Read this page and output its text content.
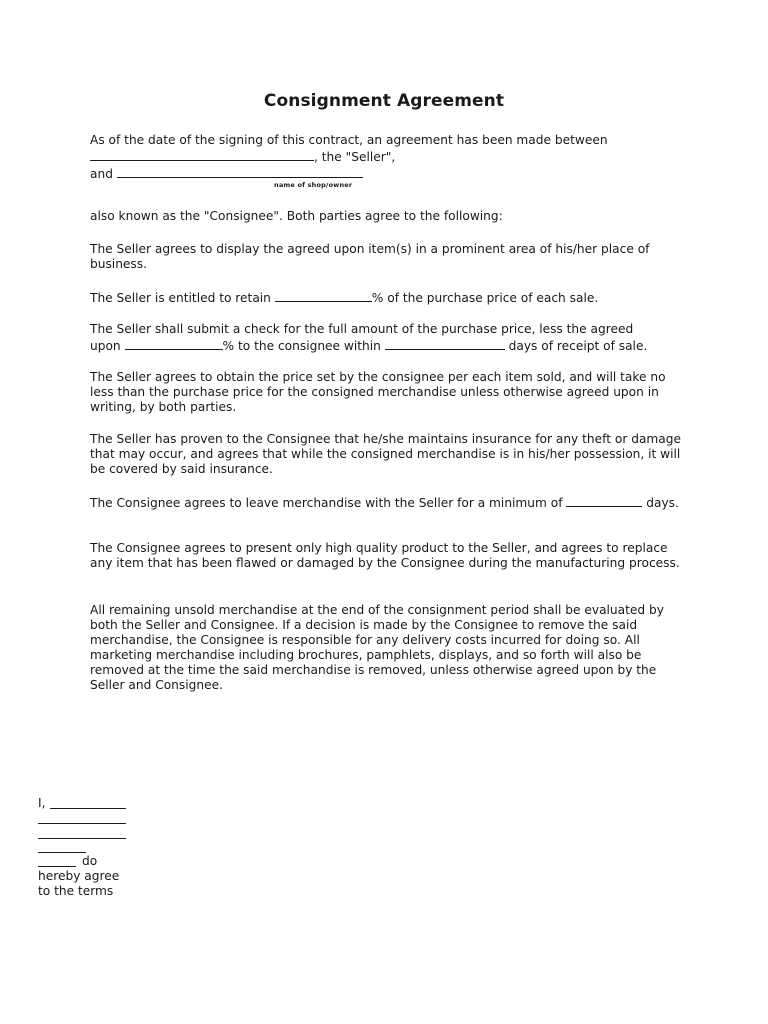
Consignment Agreement
As of the date of the signing of this contract, an agreement has been made between
, the "Seller",
and
name of shop/owner
also known as the "Consignee". Both parties agree to the following:
The Seller agrees to display the agreed upon item(s) in a prominent area of his/her place of business.
The Seller is entitled to retain	% of the purchase price of each sale.
The Seller shall submit a check for the full amount of the purchase price, less the agreed
upon	% to the consignee within	days of receipt of sale.
The Seller agrees to obtain the price set by the consignee per each item sold, and will take no less than the purchase price for the consigned merchandise unless otherwise agreed upon in writing, by both parties.
The Seller has proven to the Consignee that he/she maintains insurance for any theft or damage that may occur, and agrees that while the consigned merchandise is in his/her possession, it will be covered by said insurance.
The Consignee agrees to leave merchandise with the Seller for a minimum of	days.
The Consignee agrees to present only high quality product to the Seller, and agrees to replace any item that has been flawed or damaged by the Consignee during the manufacturing process.
All remaining unsold merchandise at the end of the consignment period shall be evaluated by both the Seller and Consignee. If a decision is made by the Consignee to remove the said merchandise, the Consignee is responsible for any delivery costs incurred for doing so. All marketing merchandise including brochures, pamphlets, displays, and so forth will also be removed at the time the said merchandise is removed, unless otherwise agreed upon by the Seller and Consignee.
I,
do
hereby agree
to the terms
